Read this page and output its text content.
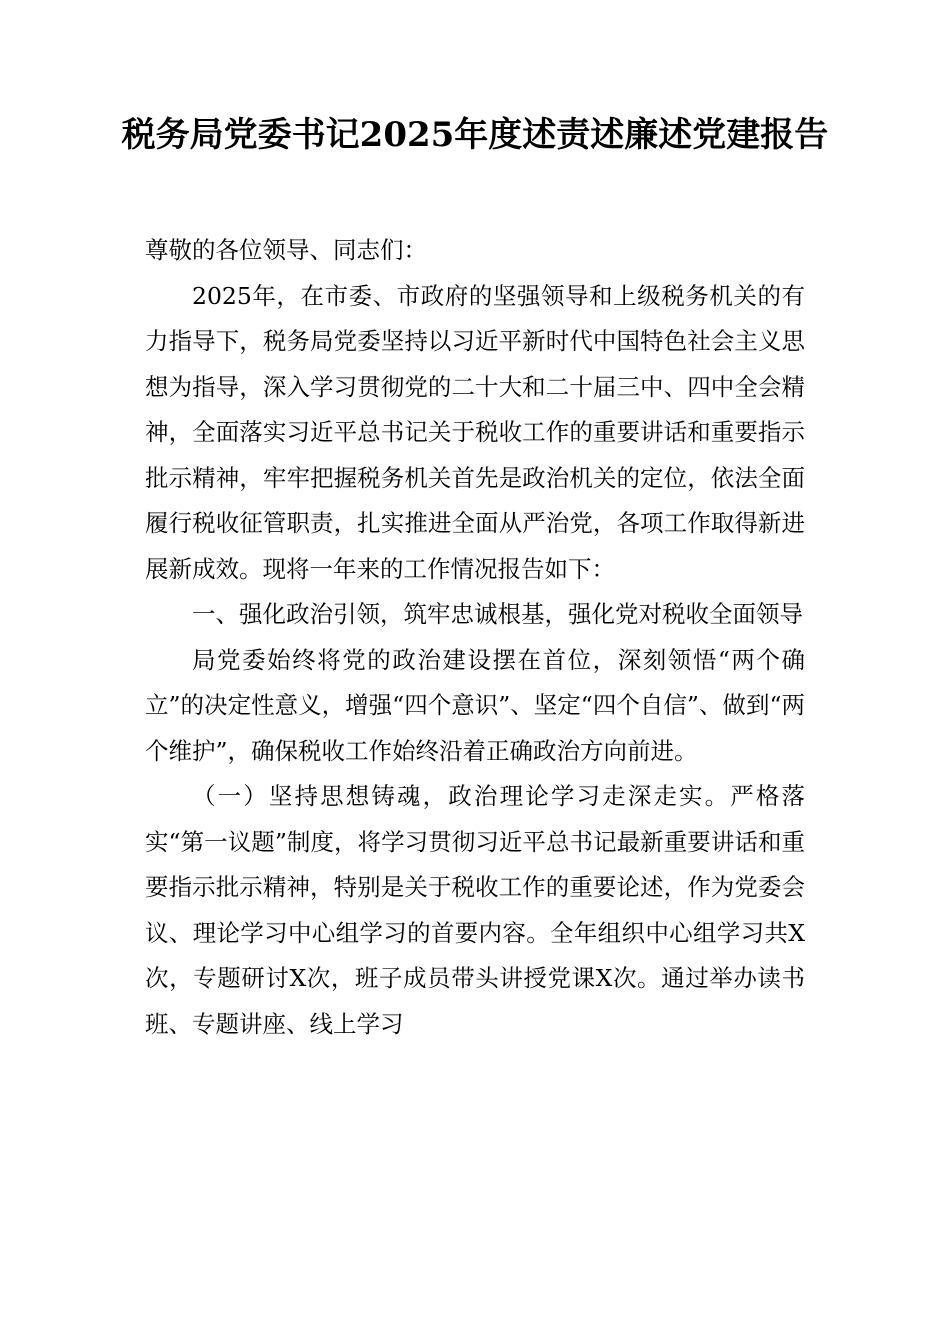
税务局党委书记2025年度述责述廉述党建报告

尊敬的各位领导、同志们：

2025年，在市委、市政府的坚强领导和上级税务机关的有力指导下，税务局党委坚持以习近平新时代中国特色社会主义思想为指导，深入学习贯彻党的二十大和二十届三中、四中全会精神，全面落实习近平总书记关于税收工作的重要讲话和重要指示批示精神，牢牢把握税务机关首先是政治机关的定位，依法全面履行税收征管职责，扎实推进全面从严治党，各项工作取得新进展新成效。现将一年来的工作情况报告如下：

一、强化政治引领，筑牢忠诚根基，强化党对税收全面领导

局党委始终将党的政治建设摆在首位，深刻领悟“两个确立”的决定性意义，增强“四个意识”、坚定“四个自信”、做到“两个维护”，确保税收工作始终沿着正确政治方向前进。

（一）坚持思想铸魂，政治理论学习走深走实。严格落实“第一议题”制度，将学习贯彻习近平总书记最新重要讲话和重要指示批示精神，特别是关于税收工作的重要论述，作为党委会议、理论学习中心组学习的首要内容。全年组织中心组学习共X次，专题研讨X次，班子成员带头讲授党课X次。通过举办读书班、专题讲座、线上学习
